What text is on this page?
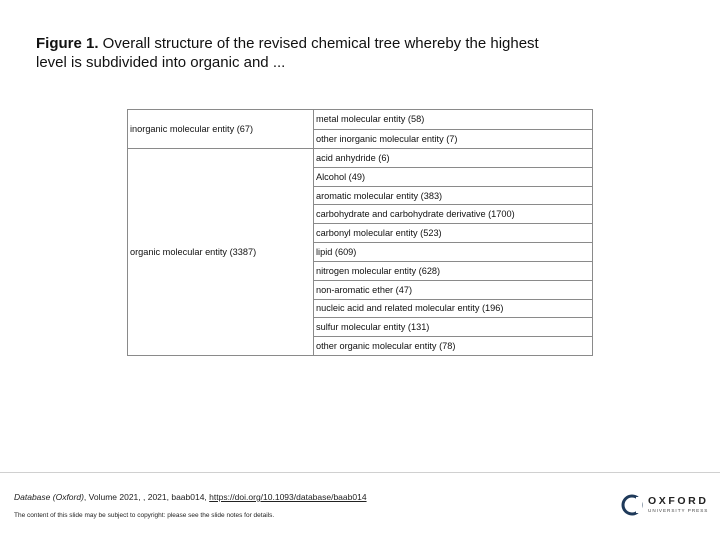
Figure 1. Overall structure of the revised chemical tree whereby the highest level is subdivided into organic and ...
inorganic molecular entity (67)
metal molecular entity (58)
other inorganic molecular entity (7)
organic molecular entity (3387)
acid anhydride (6)
Alcohol (49)
aromatic molecular entity (383)
carbohydrate and carbohydrate derivative (1700)
carbonyl molecular entity (523)
lipid (609)
nitrogen molecular entity (628)
non-aromatic ether (47)
nucleic acid and related molecular entity (196)
sulfur molecular entity (131)
other organic molecular entity (78)
Database (Oxford), Volume 2021, , 2021, baab014, https://doi.org/10.1093/database/baab014
The content of this slide may be subject to copyright: please see the slide notes for details.
OXFORD
UNIVERSITY PRESS
